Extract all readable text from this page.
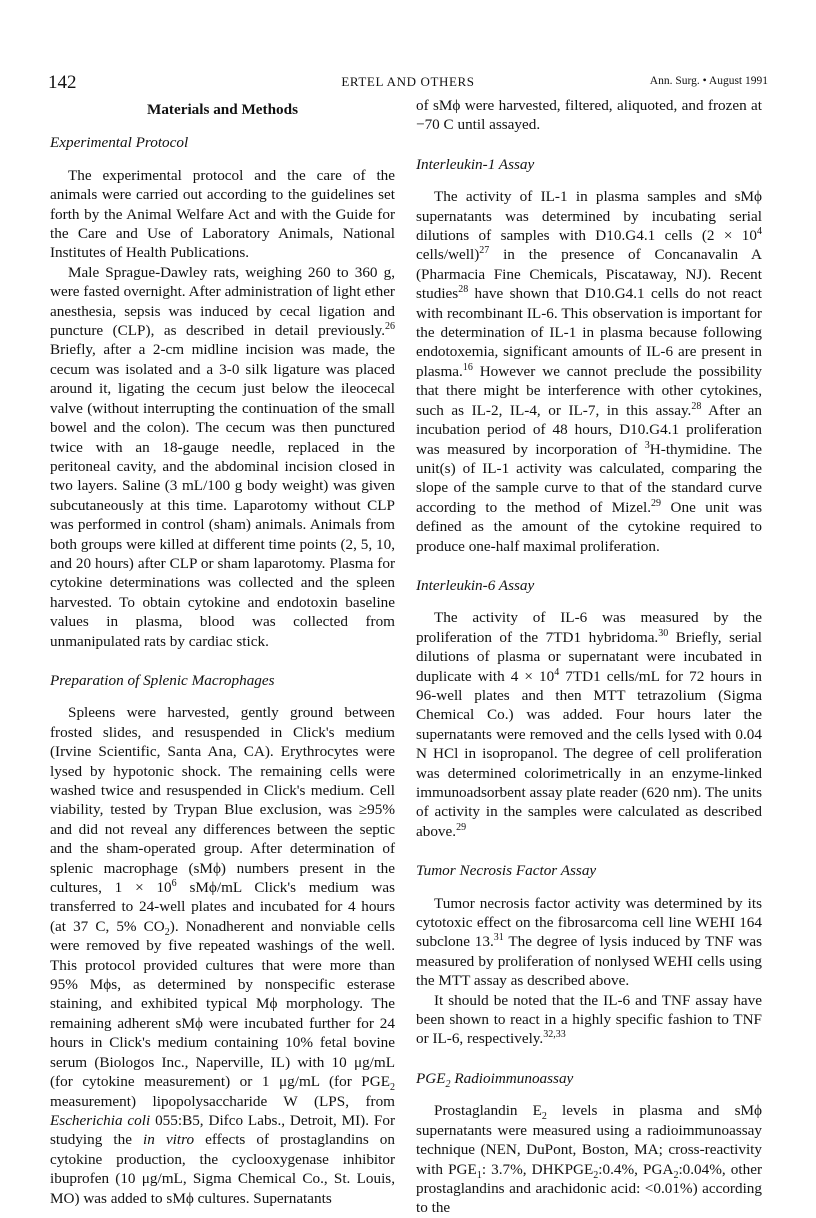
142	ERTEL AND OTHERS	Ann. Surg. • August 1991
Materials and Methods
Experimental Protocol

The experimental protocol and the care of the animals were carried out according to the guidelines set forth by the Animal Welfare Act and with the Guide for the Care and Use of Laboratory Animals, National Institutes of Health Publications.

Male Sprague-Dawley rats, weighing 260 to 360 g, were fasted overnight. After administration of light ether anesthesia, sepsis was induced by cecal ligation and puncture (CLP), as described in detail previously.$^{26}$ Briefly, after a 2-cm midline incision was made, the cecum was isolated and a 3-0 silk ligature was placed around it, ligating the cecum just below the ileocecal valve (without interrupting the continuation of the small bowel and the colon). The cecum was then punctured twice with an 18-gauge needle, replaced in the peritoneal cavity, and the abdominal incision closed in two layers. Saline (3 mL/100 g body weight) was given subcutaneously at this time. Laparotomy without CLP was performed in control (sham) animals. Animals from both groups were killed at different time points (2, 5, 10, and 20 hours) after CLP or sham laparotomy. Plasma for cytokine determinations was collected and the spleen harvested. To obtain cytokine and endotoxin baseline values in plasma, blood was collected from unmanipulated rats by cardiac stick.

Preparation of Splenic Macrophages

Spleens were harvested, gently ground between frosted slides, and resuspended in Click's medium (Irvine Scientific, Santa Ana, CA). Erythrocytes were lysed by hypotonic shock. The remaining cells were washed twice and resuspended in Click's medium. Cell viability, tested by Trypan Blue exclusion, was ≥95% and did not reveal any differences between the septic and the sham-operated group. After determination of splenic macrophage (sMϕ) numbers present in the cultures, $1 \times 10^6$ sMϕ/mL Click's medium was transferred to 24-well plates and incubated for 4 hours (at 37 C, 5% $CO_2$). Nonadherent and nonviable cells were removed by five repeated washings of the well. This protocol provided cultures that were more than 95% Mϕs, as determined by nonspecific esterase staining, and exhibited typical Mϕ morphology. The remaining adherent sMϕ were incubated further for 24 hours in Click's medium containing 10% fetal bovine serum (Biologos Inc., Naperville, IL) with 10 μg/mL (for cytokine measurement) or 1 μg/mL (for $PGE_2$ measurement) lipopolysaccharide W (LPS, from Escherichia coli 055:B5, Difco Labs., Detroit, MI). For studying the in vitro effects of prostaglandins on cytokine production, the cyclooxygenase inhibitor ibuprofen (10 μg/mL, Sigma Chemical Co., St. Louis, MO) was added to sMϕ cultures. Supernatants

of sMϕ were harvested, filtered, aliquoted, and frozen at −70 C until assayed.

Interleukin-1 Assay

The activity of IL-1 in plasma samples and sMϕ supernatants was determined by incubating serial dilutions of samples with D10.G4.1 cells ($2 \times 10^4$ cells/well)$^{27}$ in the presence of Concanavalin A (Pharmacia Fine Chemicals, Piscataway, NJ). Recent studies$^{28}$ have shown that D10.G4.1 cells do not react with recombinant IL-6. This observation is important for the determination of IL-1 in plasma because following endotoxemia, significant amounts of IL-6 are present in plasma.$^{16}$ However we cannot preclude the possibility that there might be interference with other cytokines, such as IL-2, IL-4, or IL-7, in this assay.$^{28}$ After an incubation period of 48 hours, D10.G4.1 proliferation was measured by incorporation of $^3$H-thymidine. The unit(s) of IL-1 activity was calculated, comparing the slope of the sample curve to that of the standard curve according to the method of Mizel.$^{29}$ One unit was defined as the amount of the cytokine required to produce one-half maximal proliferation.

Interleukin-6 Assay

The activity of IL-6 was measured by the proliferation of the 7TD1 hybridoma.$^{30}$ Briefly, serial dilutions of plasma or supernatant were incubated in duplicate with $4 \times 10^4$ 7TD1 cells/mL for 72 hours in 96-well plates and then MTT tetrazolium (Sigma Chemical Co.) was added. Four hours later the supernatants were removed and the cells lysed with 0.04 N HCl in isopropanol. The degree of cell proliferation was determined colorimetrically in an enzyme-linked immunoadsorbent assay plate reader (620 nm). The units of activity in the samples were calculated as described above.$^{29}$

Tumor Necrosis Factor Assay

Tumor necrosis factor activity was determined by its cytotoxic effect on the fibrosarcoma cell line WEHI 164 subclone 13.31 The degree of lysis induced by TNF was measured by proliferation of nonlysed WEHI cells using the MTT assay as described above.

It should be noted that the IL-6 and TNF assay have been shown to react in a highly specific fashion to TNF or IL-6, respectively.$^{32,33}$

$PGE_2$ Radioimmunoassay

Prostaglandin $E_2$ levels in plasma and sMϕ supernatants were measured using a radioimmunoassay technique (NEN, DuPont, Boston, MA; cross-reactivity with $PGE_1$: 3.7%, $DHKPGE_2:0.4\%$, $PGA_2:0.04\%$, other prostaglandins and arachidonic acid: <0.01%) according to the
